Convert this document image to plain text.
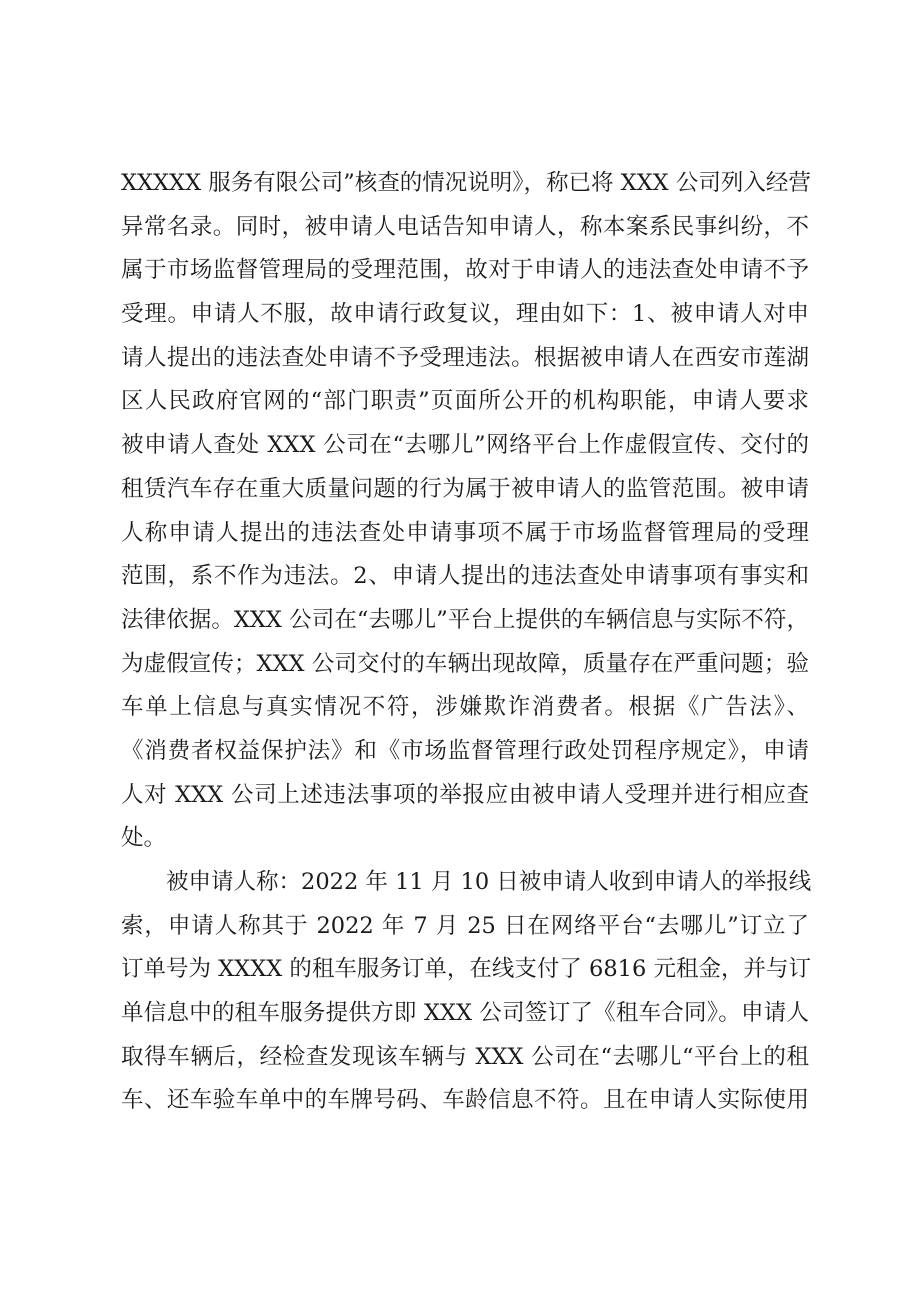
XXXXX 服务有限公司”核查的情况说明》，称已将 XXX 公司列入经营
异常名录。同时，被申请人电话告知申请人，称本案系民事纠纷，不
属于市场监督管理局的受理范围，故对于申请人的违法查处申请不予
受理。申请人不服，故申请行政复议，理由如下：1、被申请人对申
请人提出的违法查处申请不予受理违法。根据被申请人在西安市莲湖
区人民政府官网的“部门职责”页面所公开的机构职能，申请人要求
被申请人查处 XXX 公司在“去哪儿”网络平台上作虚假宣传、交付的
租赁汽车存在重大质量问题的行为属于被申请人的监管范围。被申请
人称申请人提出的违法查处申请事项不属于市场监督管理局的受理
范围，系不作为违法。2、申请人提出的违法查处申请事项有事实和
法律依据。XXX 公司在“去哪儿”平台上提供的车辆信息与实际不符，
为虚假宣传；XXX 公司交付的车辆出现故障，质量存在严重问题；验
车单上信息与真实情况不符，涉嫌欺诈消费者。根据《广告法》、
《消费者权益保护法》和《市场监督管理行政处罚程序规定》，申请
人对 XXX 公司上述违法事项的举报应由被申请人受理并进行相应查
处。
被申请人称：2022 年 11 月 10 日被申请人收到申请人的举报线
索，申请人称其于 2022 年 7 月 25 日在网络平台“去哪儿”订立了
订单号为 XXXX 的租车服务订单，在线支付了 6816 元租金，并与订
单信息中的租车服务提供方即 XXX 公司签订了《租车合同》。申请人
取得车辆后，经检查发现该车辆与 XXX 公司在“去哪儿“平台上的租
车、还车验车单中的车牌号码、车龄信息不符。且在申请人实际使用
